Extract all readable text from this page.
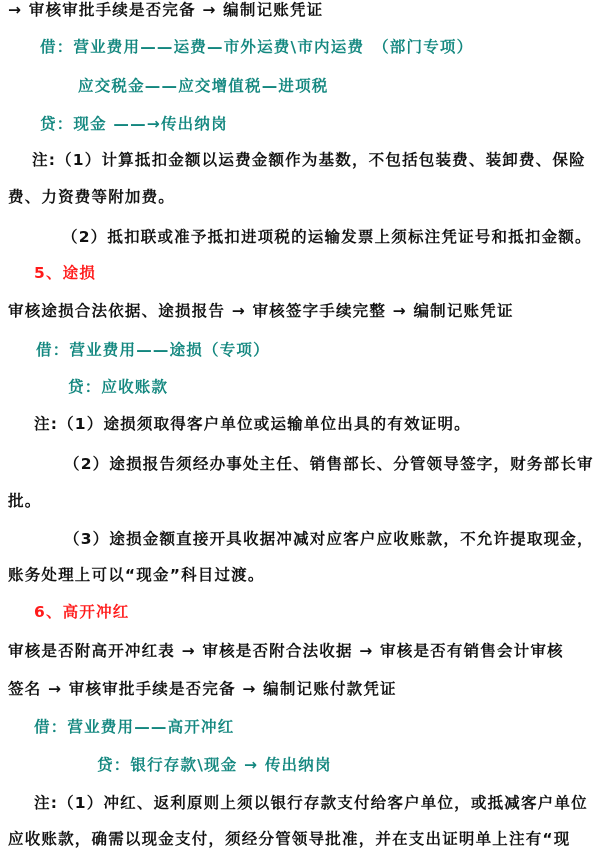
→ 审核审批手续是否完备 → 编制记账凭证
借：营业费用——运费—市外运费\市内运费　（部门专项）
应交税金——应交增值税—进项税
贷：现金 ——→传出纳岗
注:（1）计算抵扣金额以运费金额作为基数，不包括包装费、装卸费、保险
费、力资费等附加费。
（2）抵扣联或准予抵扣进项税的运输发票上须标注凭证号和抵扣金额。
5、途损
审核途损合法依据、途损报告 → 审核签字手续完整 → 编制记账凭证
借：营业费用——途损（专项）
贷：应收账款
注:（1）途损须取得客户单位或运输单位出具的有效证明。
（2）途损报告须经办事处主任、销售部长、分管领导签字，财务部长审
批。
（3）途损金额直接开具收据冲减对应客户应收账款，不允许提取现金，
账务处理上可以“现金”科目过渡。
6、高开冲红
审核是否附高开冲红表 → 审核是否附合法收据 → 审核是否有销售会计审核
签名 → 审核审批手续是否完备 → 编制记账付款凭证
借：营业费用——高开冲红
贷：银行存款\现金 → 传出纳岗
注:（1）冲红、返利原则上须以银行存款支付给客户单位，或抵减客户单位
应收账款，确需以现金支付，须经分管领导批准，并在支出证明单上注有“现
